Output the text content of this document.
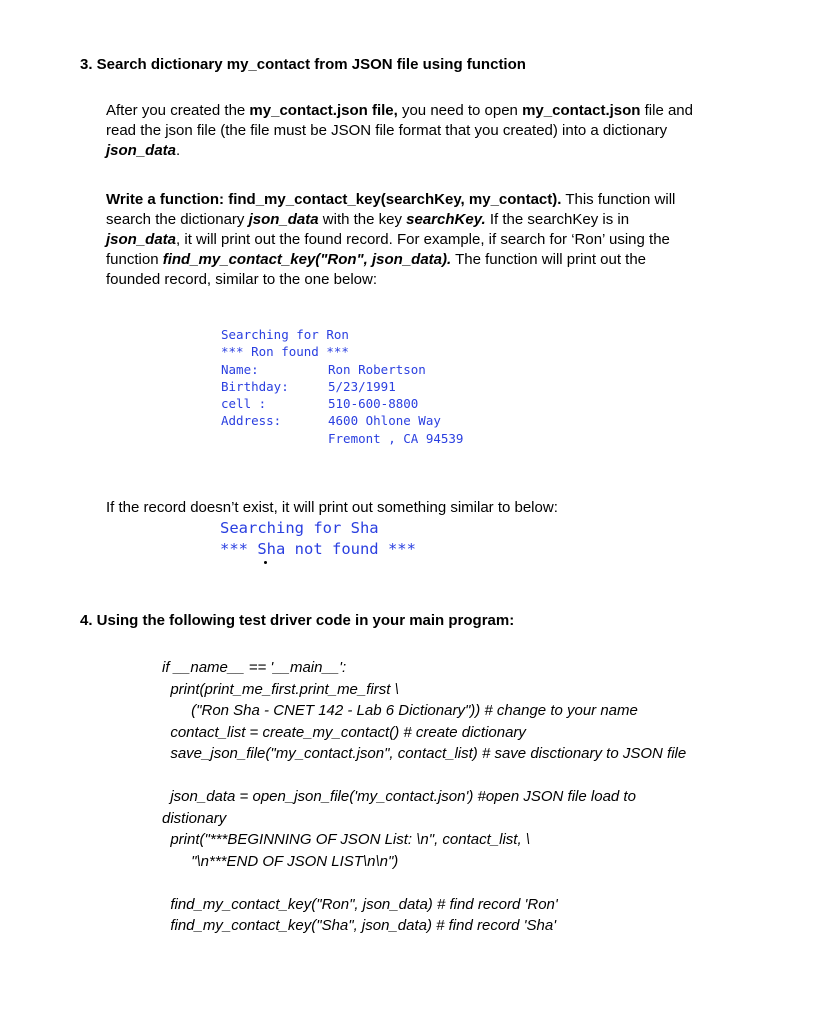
3. Search dictionary my_contact from JSON file using function
After you created the my_contact.json file, you need to open my_contact.json file and
read the json file (the file must be JSON file format that you created) into a dictionary
json_data.
Write a function: find_my_contact_key(searchKey, my_contact). This function will
search the dictionary json_data with the key searchKey. If the searchKey is in
json_data, it will print out the found record. For example, if search for ‘Ron’ using the
function find_my_contact_key("Ron", json_data). The function will print out the
founded record, similar to the one below:
Searching for Ron
*** Ron found ***
Name:	Ron Robertson
Birthday:	5/23/1991
cell :	510-600-8800
Address:	4600 Ohlone Way
Fremont , CA 94539
If the record doesn’t exist, it will print out something similar to below:
Searching for Sha
*** Sha not found ***
4. Using the following test driver code in your main program:
if __name__ == '__main__':
print(print_me_first.print_me_first \
("Ron Sha - CNET 142 - Lab 6 Dictionary")) # change to your name
contact_list = create_my_contact() # create dictionary
save_json_file("my_contact.json", contact_list) # save disctionary to JSON file
json_data = open_json_file('my_contact.json') #open JSON file load to
distionary
print("***BEGINNING OF JSON List: \n", contact_list, \
"\n***END OF JSON LIST\n\n")
find_my_contact_key("Ron", json_data) # find record 'Ron'
find_my_contact_key("Sha", json_data) # find record 'Sha'
